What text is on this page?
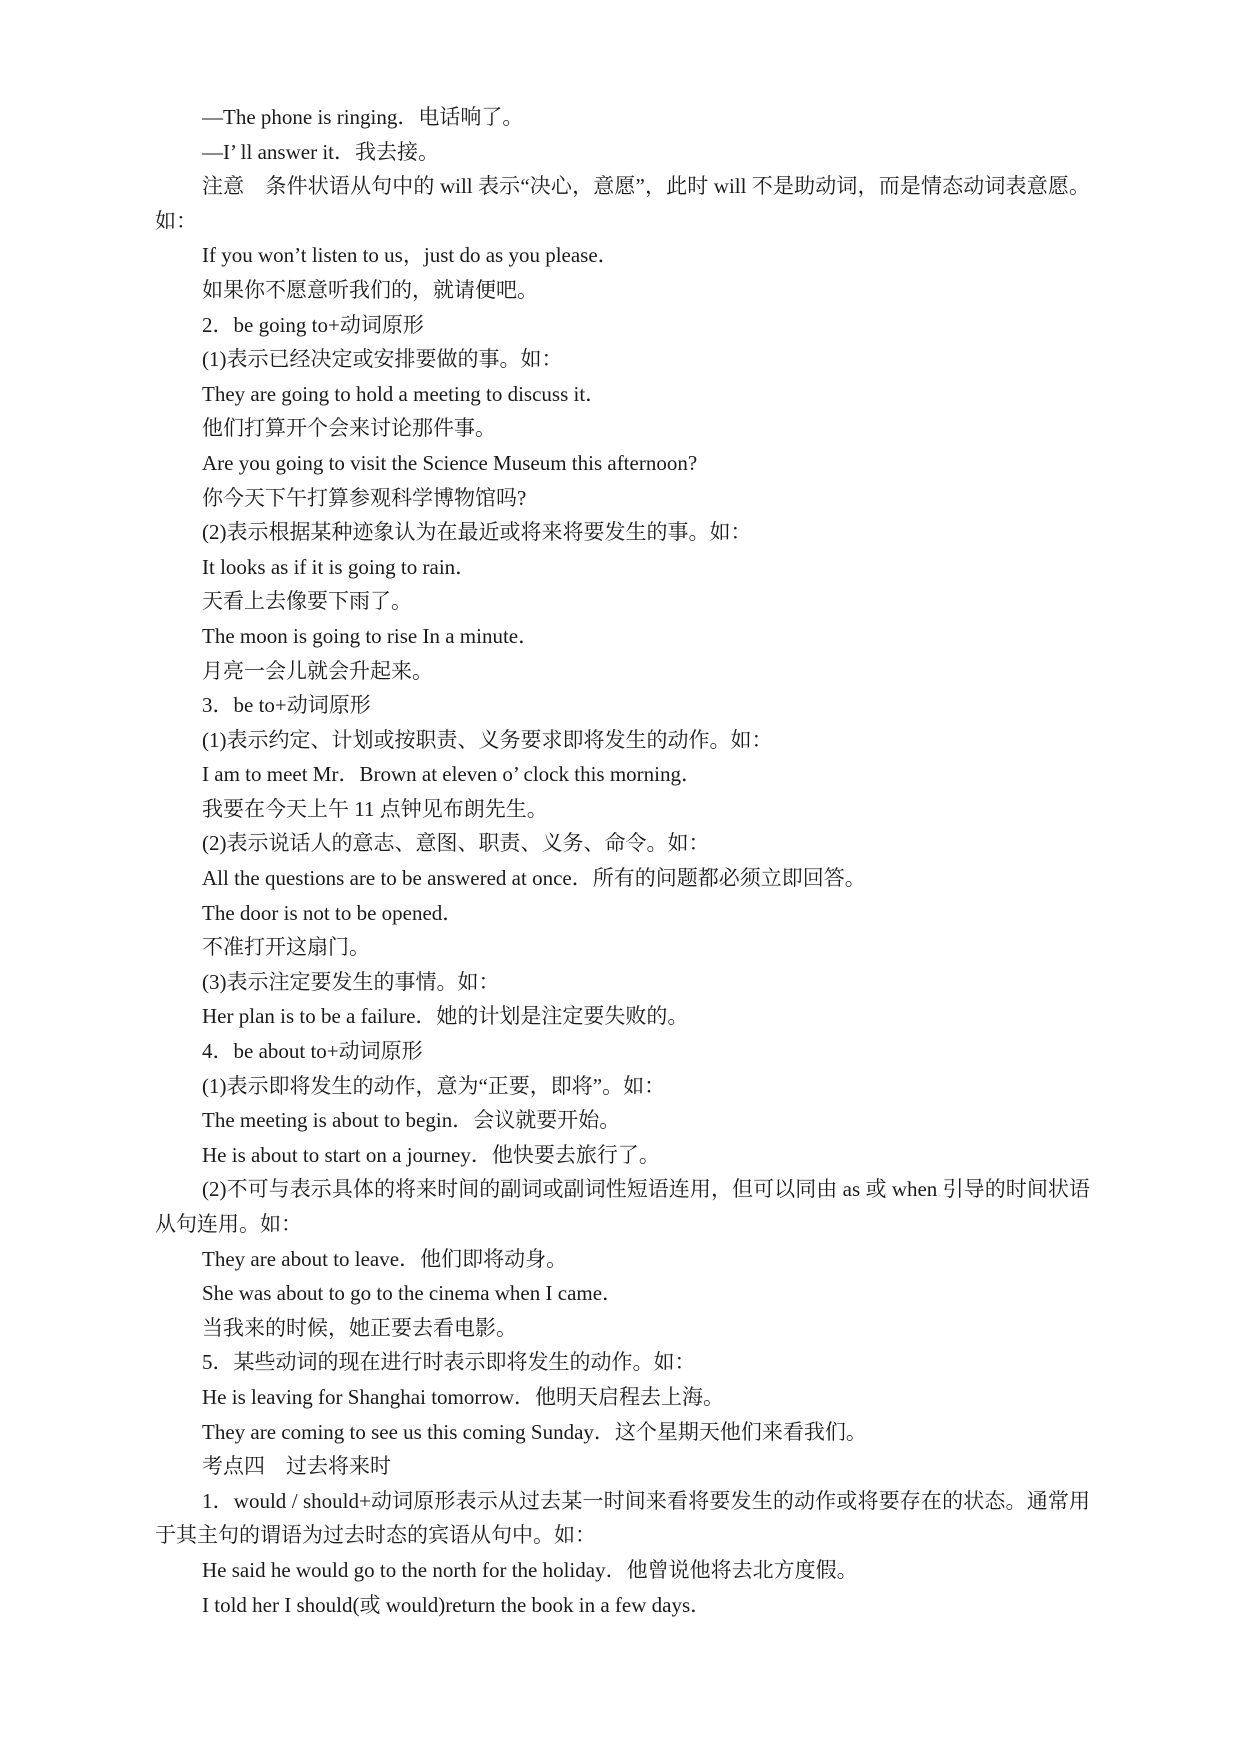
—The phone is ringing．电话响了。
—I’ ll answer it．我去接。
注意　条件状语从句中的 will 表示“决心，意愿”，此时 will 不是助动词，而是情态动词表意愿。如：
If you won’t listen to us，just do as you please．
如果你不愿意听我们的，就请便吧。
2．be going to+动词原形
(1)表示已经决定或安排要做的事。如：
They are going to hold a meeting to discuss it．
他们打算开个会来讨论那件事。
Are you going to visit the Science Museum this afternoon?
你今天下午打算参观科学博物馆吗?
(2)表示根据某种迹象认为在最近或将来将要发生的事。如：
It looks as if it is going to rain．
天看上去像要下雨了。
The moon is going to rise In a minute．
月亮一会儿就会升起来。
3．be to+动词原形
(1)表示约定、计划或按职责、义务要求即将发生的动作。如：
I am to meet Mr．Brown at eleven o’ clock this morning．
我要在今天上午 11 点钟见布朗先生。
(2)表示说话人的意志、意图、职责、义务、命令。如：
All the questions are to be answered at once．所有的问题都必须立即回答。
The door is not to be opened．
不准打开这扇门。
(3)表示注定要发生的事情。如：
Her plan is to be a failure．她的计划是注定要失败的。
4．be about to+动词原形
(1)表示即将发生的动作，意为“正要，即将”。如：
The meeting is about to begin．会议就要开始。
He is about to start on a journey．他快要去旅行了。
(2)不可与表示具体的将来时间的副词或副词性短语连用，但可以同由 as 或 when 引导的时间状语从句连用。如：
They are about to leave．他们即将动身。
She was about to go to the cinema when I came．
当我来的时候，她正要去看电影。
5．某些动词的现在进行时表示即将发生的动作。如：
He is leaving for Shanghai tomorrow．他明天启程去上海。
They are coming to see us this coming Sunday．这个星期天他们来看我们。
考点四　过去将来时
1．would / should+动词原形表示从过去某一时间来看将要发生的动作或将要存在的状态。通常用于其主句的谓语为过去时态的宾语从句中。如：
He said he would go to the north for the holiday．他曾说他将去北方度假。
I told her I should(或 would)return the book in a few days．
